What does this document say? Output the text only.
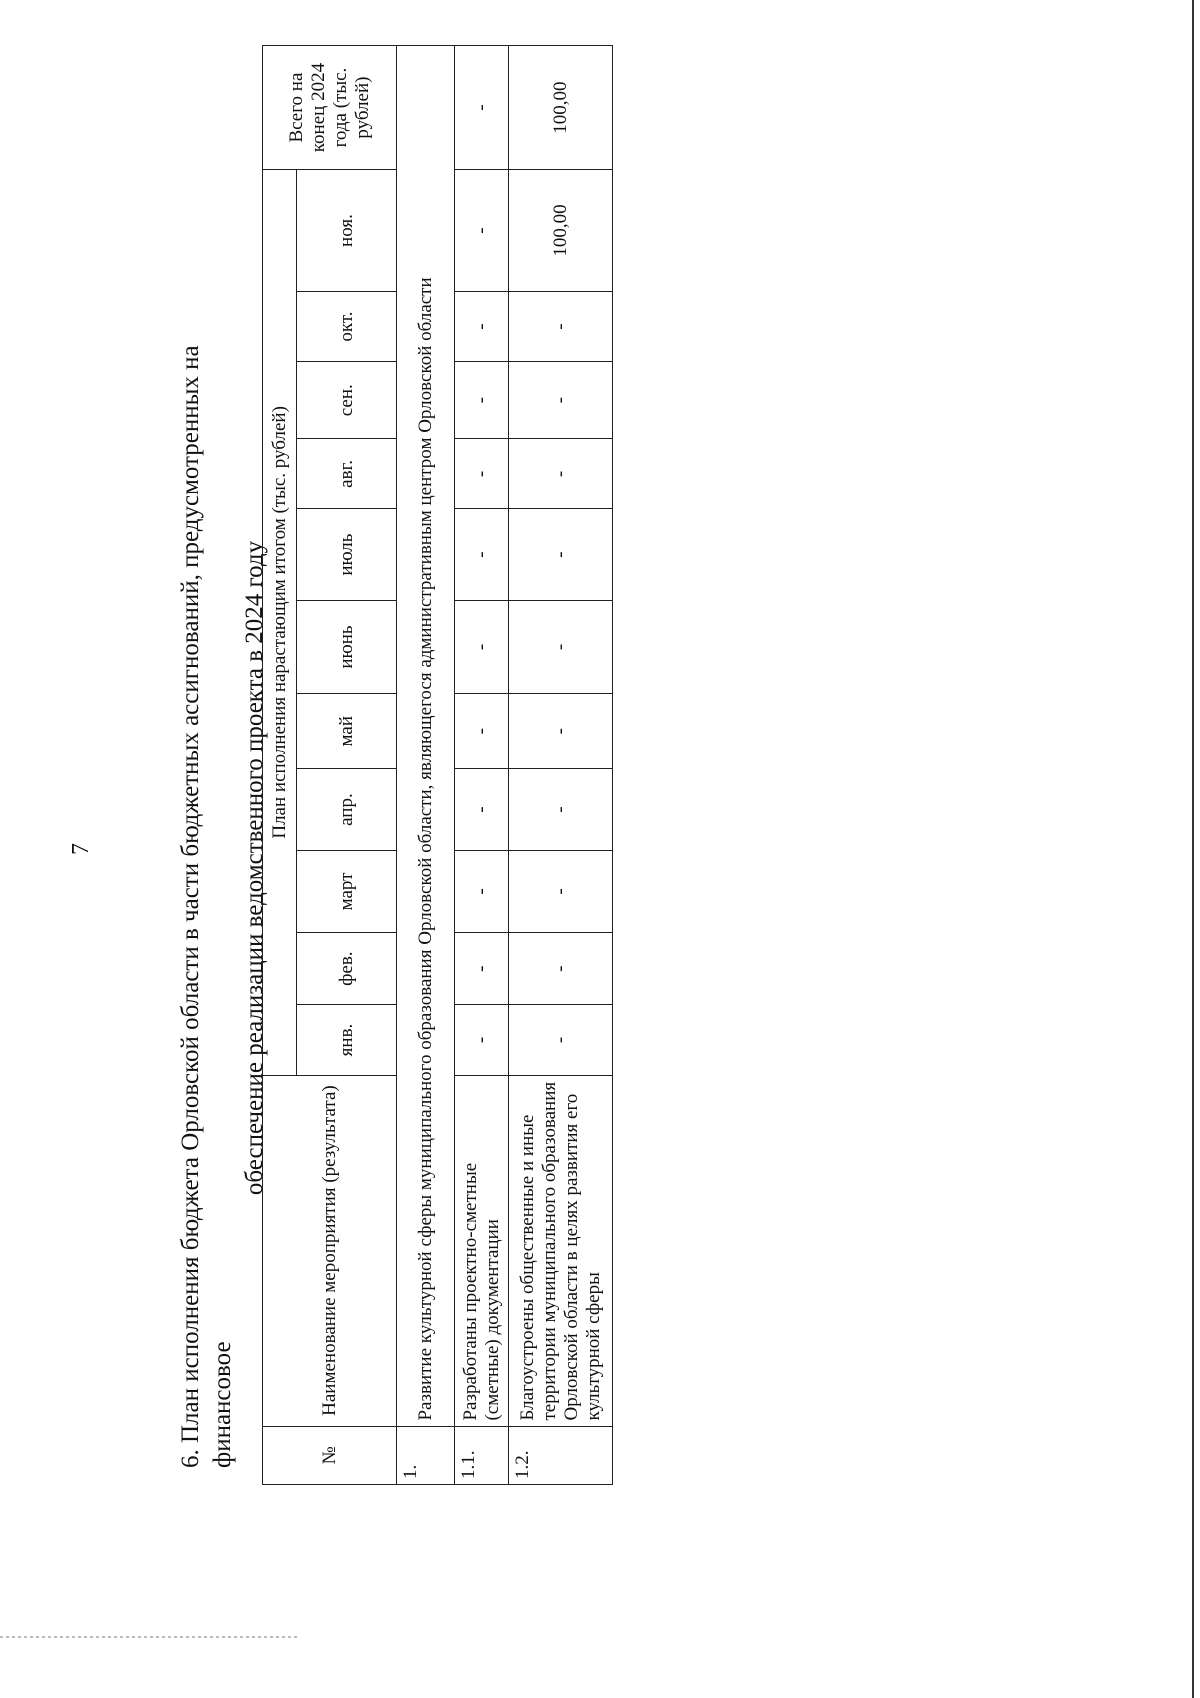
7	6. План исполнения бюджета Орловской области в части бюджетных ассигнований, предусмотренных на финансовое
обеспечение реализации ведомственного проекта в 2024 году
№	Наименование мероприятия (результата)	План исполнения нарастающим итогом (тыс. рублей)											Всего на конец 2024 года (тыс. рублей)
		янв.	фев.	март	апр.	май	июнь	июль	авг.	сен.	окт.	ноя.	
1.	Развитие культурной сферы муниципального образования Орловской области, являющегося административным центром Орловской области												
1.1.	Разработаны проектно-сметные (сметные) документации	-	-	-	-	-	-	-	-	-	-	-	-
1.2.	Благоустроены общественные и иные территории муниципального образования Орловской области в целях развития его культурной сферы	-	-	-	-	-	-	-	-	-	-	100,00	100,00
